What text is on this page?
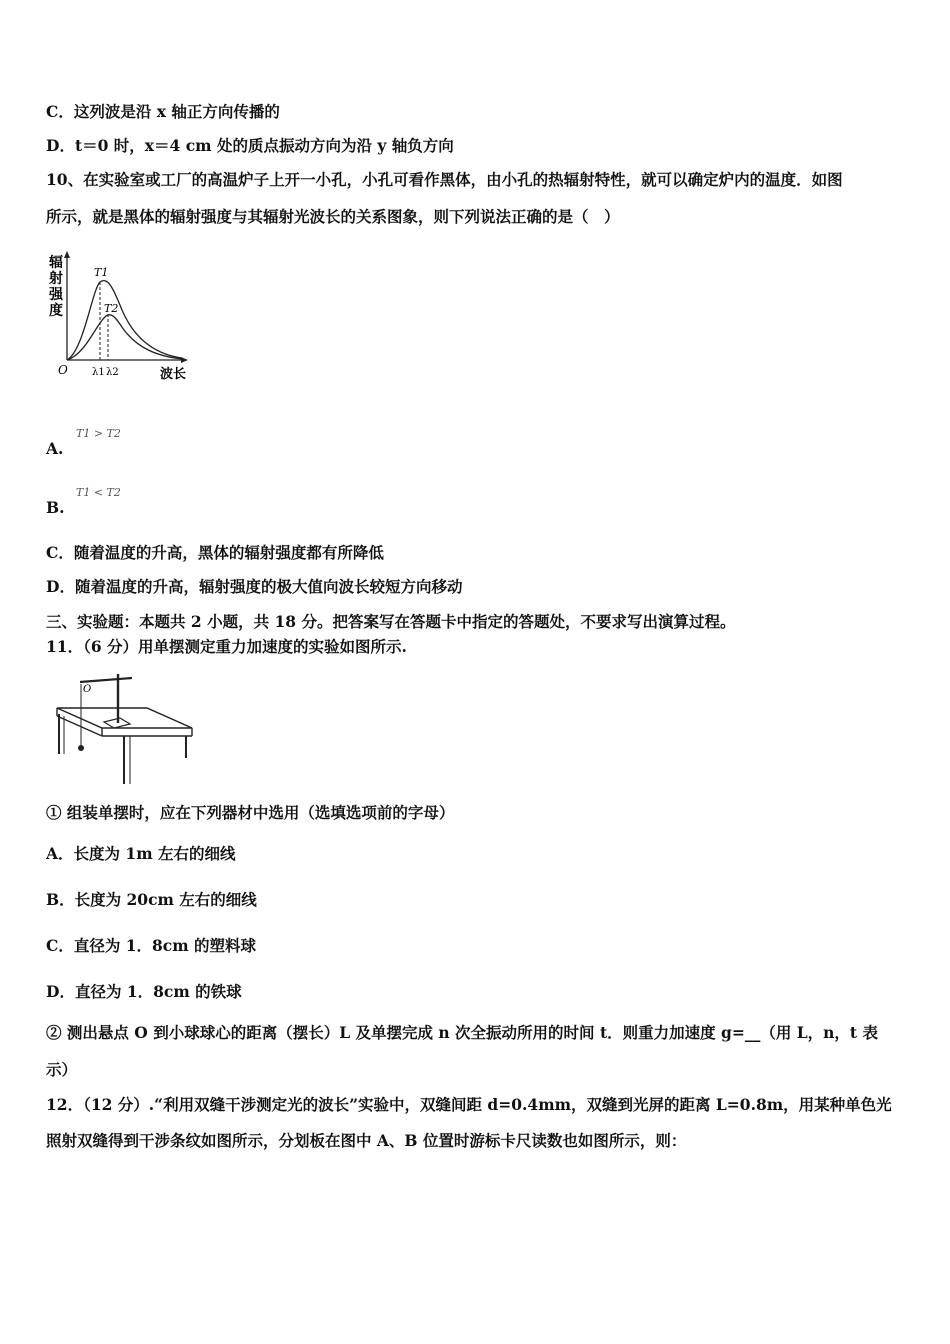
C．这列波是沿 x 轴正方向传播的
D．t＝0 时，x＝4 cm 处的质点振动方向为沿 y 轴负方向
10、在实验室或工厂的高温炉子上开一小孔，小孔可看作黑体，由小孔的热辐射特性，就可以确定炉内的温度．如图
所示，就是黑体的辐射强度与其辐射光波长的关系图象，则下列说法正确的是（　）
辐
射
强
度
T1
T2
O λ1 λ2	波长
A.
T1 > T2
B.
T1 < T2
C．随着温度的升高，黑体的辐射强度都有所降低
D．随着温度的升高，辐射强度的极大值向波长较短方向移动
三、实验题：本题共 2 小题，共 18 分。把答案写在答题卡中指定的答题处，不要求写出演算过程。
11．（6 分）用单摆测定重力加速度的实验如图所示.
O
① 组装单摆时，应在下列器材中选用（选填选项前的字母）
A．长度为 1m 左右的细线
B．长度为 20cm 左右的细线
C．直径为 1．8cm 的塑料球
D．直径为 1．8cm 的铁球
② 测出悬点 O 到小球球心的距离（摆长）L 及单摆完成 n 次全振动所用的时间 t．则重力加速度 g=__（用 L，n，t 表
示）
12．（12 分）.“利用双缝干涉测定光的波长”实验中，双缝间距 d=0.4mm，双缝到光屏的距离 L=0.8m，用某种单色光
照射双缝得到干涉条纹如图所示，分划板在图中 A、B 位置时游标卡尺读数也如图所示，则：
